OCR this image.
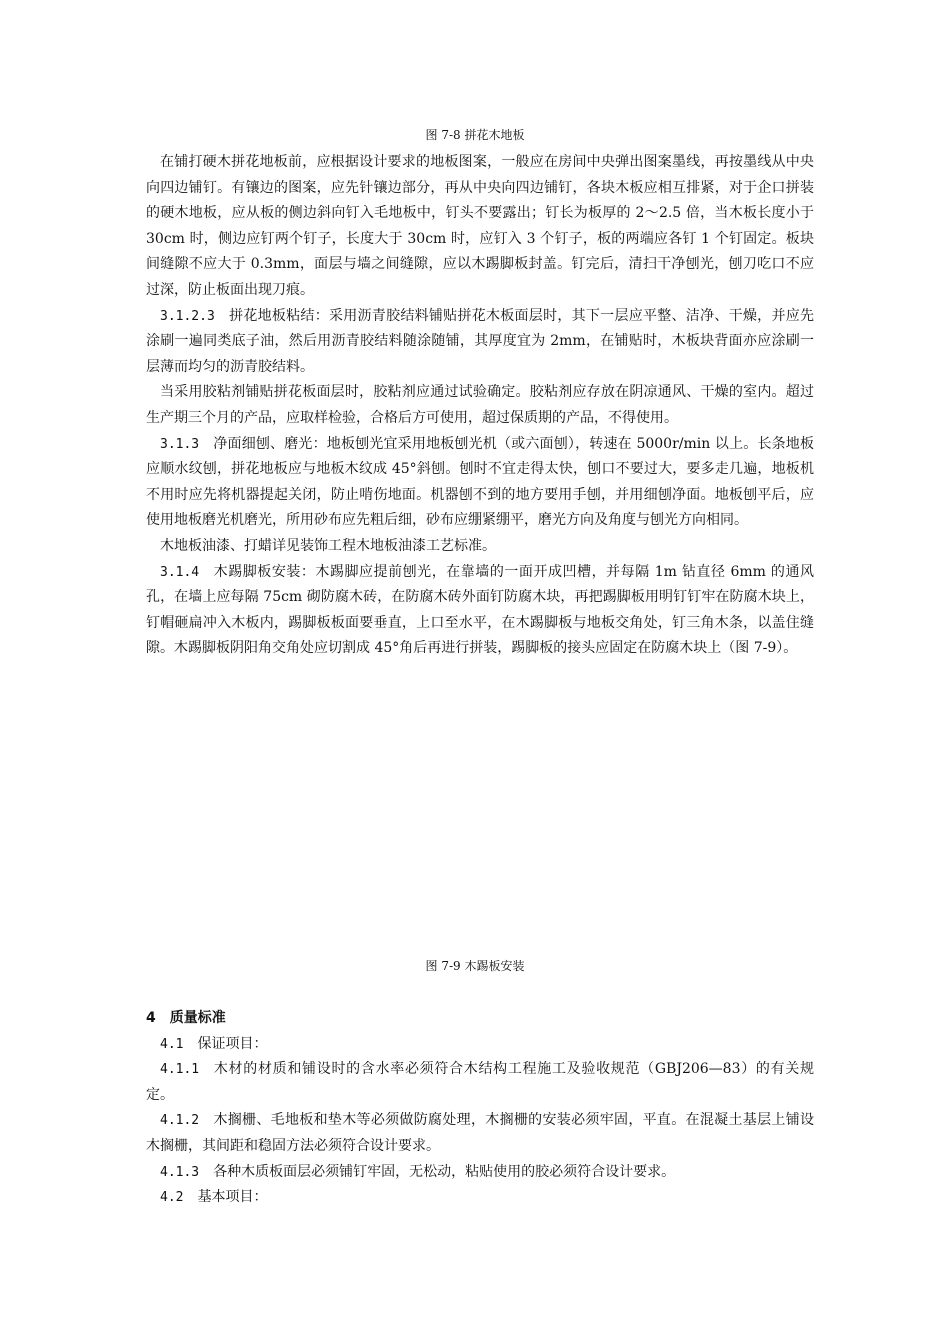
图 7-8 拼花木地板

在铺打硬木拼花地板前，应根据设计要求的地板图案，一般应在房间中央弹出图案墨线，再按墨线从中央向四边铺钉。有镶边的图案，应先针镶边部分，再从中央向四边铺钉，各块木板应相互排紧，对于企口拼装的硬木地板，应从板的侧边斜向钉入毛地板中，钉头不要露出；钉长为板厚的 2～2.5 倍，当木板长度小于 30cm 时，侧边应钉两个钉子，长度大于 30cm 时，应钉入 3 个钉子，板的两端应各钉 1 个钉固定。板块间缝隙不应大于 0.3mm，面层与墙之间缝隙，应以木踢脚板封盖。钉完后，清扫干净刨光，刨刀吃口不应过深，防止板面出现刀痕。

3.1.2.3  拼花地板粘结：采用沥青胶结料铺贴拼花木板面层时，其下一层应平整、洁净、干燥，并应先涂刷一遍同类底子油，然后用沥青胶结料随涂随铺，其厚度宜为 2mm，在铺贴时，木板块背面亦应涂刷一层薄而均匀的沥青胶结料。

当采用胶粘剂铺贴拼花板面层时，胶粘剂应通过试验确定。胶粘剂应存放在阴凉通风、干燥的室内。超过生产期三个月的产品，应取样检验，合格后方可使用，超过保质期的产品，不得使用。

3.1.3  净面细刨、磨光：地板刨光宜采用地板刨光机（或六面刨），转速在 5000r/min 以上。长条地板应顺水纹刨，拼花地板应与地板木纹成 45°斜刨。刨时不宜走得太快，刨口不要过大，要多走几遍，地板机不用时应先将机器提起关闭，防止啃伤地面。机器刨不到的地方要用手刨，并用细刨净面。地板刨平后，应使用地板磨光机磨光，所用砂布应先粗后细，砂布应绷紧绷平，磨光方向及角度与刨光方向相同。

木地板油漆、打蜡详见装饰工程木地板油漆工艺标准。

3.1.4  木踢脚板安装：木踢脚应提前刨光，在靠墙的一面开成凹槽，并每隔 1m 钻直径 6mm 的通风孔，在墙上应每隔 75cm 砌防腐木砖，在防腐木砖外面钉防腐木块，再把踢脚板用明钉钉牢在防腐木块上，钉帽砸扁冲入木板内，踢脚板板面要垂直，上口至水平，在木踢脚板与地板交角处，钉三角木条，以盖住缝隙。木踢脚板阴阳角交角处应切割成 45°角后再进行拼装，踢脚板的接头应固定在防腐木块上（图 7-9）。

图 7-9 木踢板安装

4  质量标准

4.1  保证项目：

4.1.1  木材的材质和铺设时的含水率必须符合木结构工程施工及验收规范（GBJ206—83）的有关规定。

4.1.2  木搁栅、毛地板和垫木等必须做防腐处理，木搁栅的安装必须牢固，平直。在混凝土基层上铺设木搁栅，其间距和稳固方法必须符合设计要求。

4.1.3  各种木质板面层必须铺钉牢固，无松动，粘贴使用的胶必须符合设计要求。

4.2  基本项目：
